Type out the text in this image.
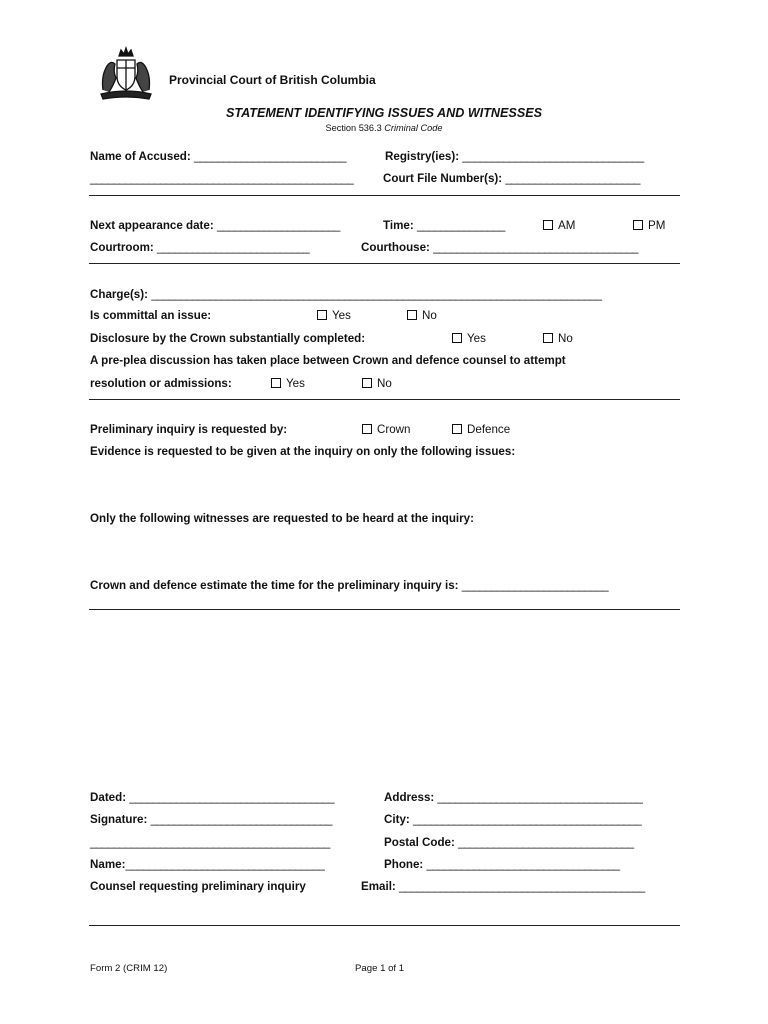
Provincial Court of British Columbia
STATEMENT IDENTIFYING ISSUES AND WITNESSES
Section 536.3 Criminal Code
Name of Accused: __________________________	Registry(ies): _______________________________
_____________________________________________	Court File Number(s): _______________________
Next appearance date: _____________________	Time: _______________	AM	PM
Courtroom: __________________________	Courthouse: ___________________________________
Charge(s): _____________________________________________________________________________
Is committal an issue:	Yes	No
Disclosure by the Crown substantially completed:	Yes	No
A pre-plea discussion has taken place between Crown and defence counsel to attempt
resolution or admissions:	Yes	No
Preliminary inquiry is requested by:	Crown	Defence
Evidence is requested to be given at the inquiry on only the following issues:
Only the following witnesses are requested to be heard at the inquiry:
Crown and defence estimate the time for the preliminary inquiry is: _________________________
Dated: ___________________________________	Address: ___________________________________
Signature: _______________________________	City: _______________________________________
_________________________________________	Postal Code: ______________________________
Name:__________________________________	Phone: _________________________________
Counsel requesting preliminary inquiry	Email: __________________________________________
Form 2 (CRIM 12)	Page 1 of 1
